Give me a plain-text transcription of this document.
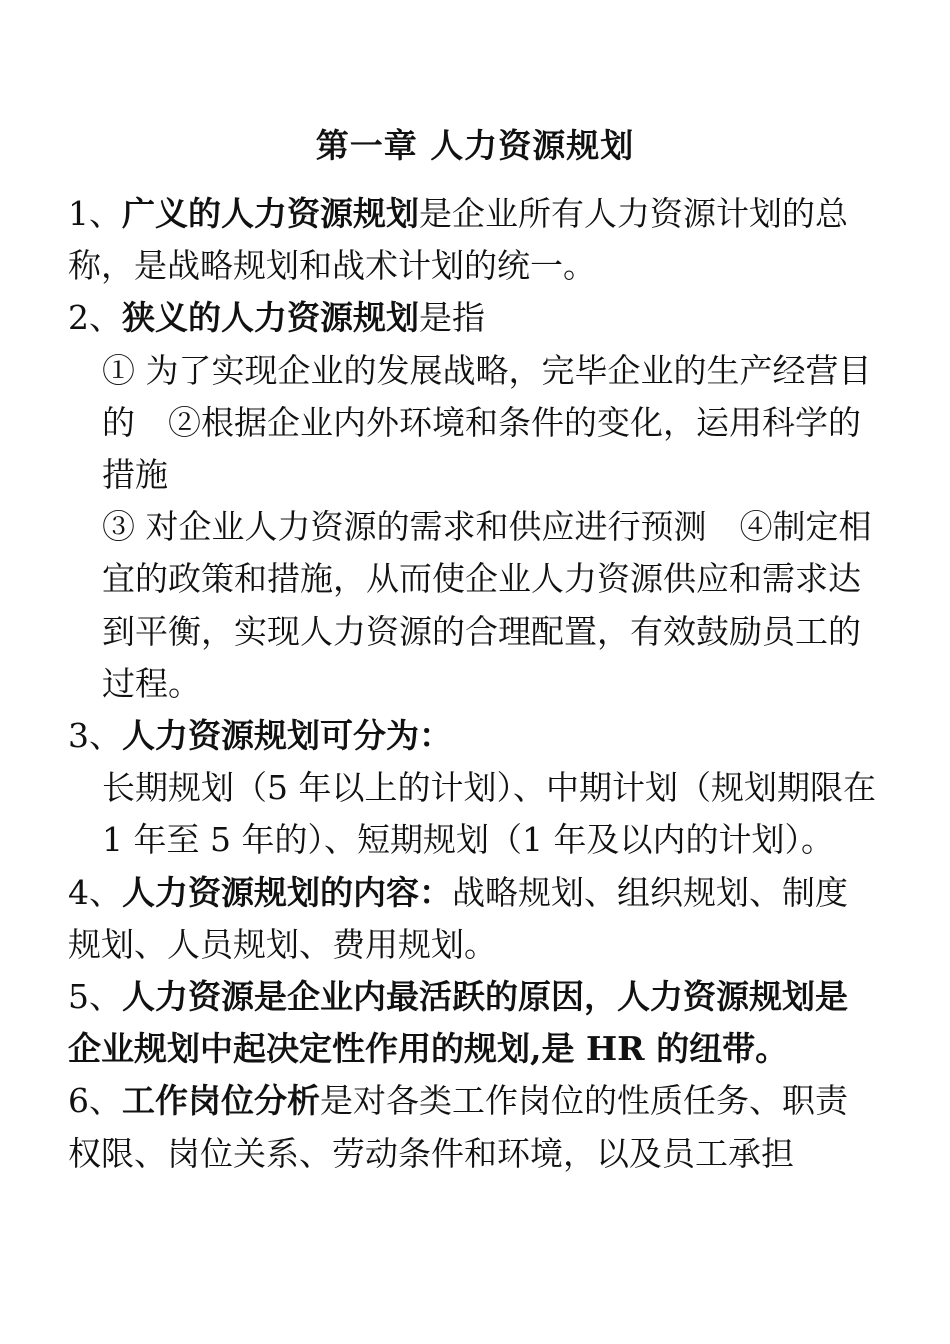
第一章 人力资源规划

1、广义的人力资源规划是企业所有人力资源计划的总称，是战略规划和战术计划的统一。

2、狭义的人力资源规划是指

① 为了实现企业的发展战略，完毕企业的生产经营目的　②根据企业内外环境和条件的变化，运用科学的措施

③ 对企业人力资源的需求和供应进行预测　④制定相宜的政策和措施，从而使企业人力资源供应和需求达到平衡，实现人力资源的合理配置，有效鼓励员工的过程。

3、人力资源规划可分为：

长期规划（5 年以上的计划）、中期计划（规划期限在 1 年至 5 年的）、短期规划（1 年及以内的计划）。

4、人力资源规划的内容：战略规划、组织规划、制度规划、人员规划、费用规划。

5、人力资源是企业内最活跃的原因，人力资源规划是企业规划中起决定性作用的规划,是 HR 的纽带。

6、工作岗位分析是对各类工作岗位的性质任务、职责权限、岗位关系、劳动条件和环境，以及员工承担
